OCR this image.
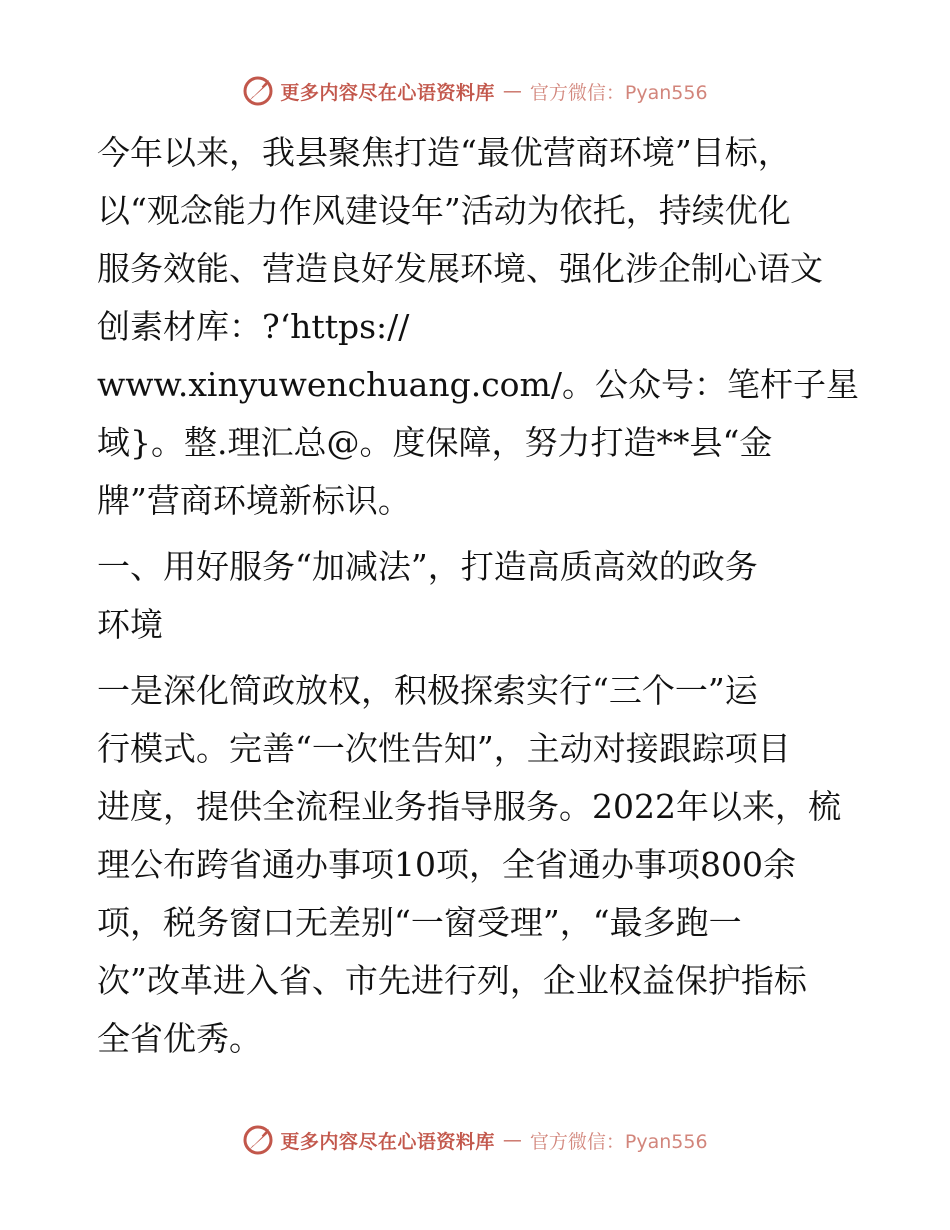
更多内容尽在心语资料库 — 官方微信：Pyan556

今年以来，我县聚焦打造“最优营商环境”目标，
以“观念能力作风建设年”活动为依托，持续优化
服务效能、营造良好发展环境、强化涉企制心语文
创素材库：?‘https://
www.xinyuwenchuang.com/。公众号：笔杆子星
域}。整.理汇总@。度保障，努力打造**县“金
牌”营商环境新标识。

一、用好服务“加减法”，打造高质高效的政务
环境

一是深化简政放权，积极探索实行“三个一”运
行模式。完善“一次性告知”，主动对接跟踪项目
进度，提供全流程业务指导服务。2022年以来，梳
理公布跨省通办事项10项，全省通办事项800余
项，税务窗口无差别“一窗受理”，“最多跑一
次”改革进入省、市先进行列，企业权益保护指标
全省优秀。

更多内容尽在心语资料库 — 官方微信：Pyan556
